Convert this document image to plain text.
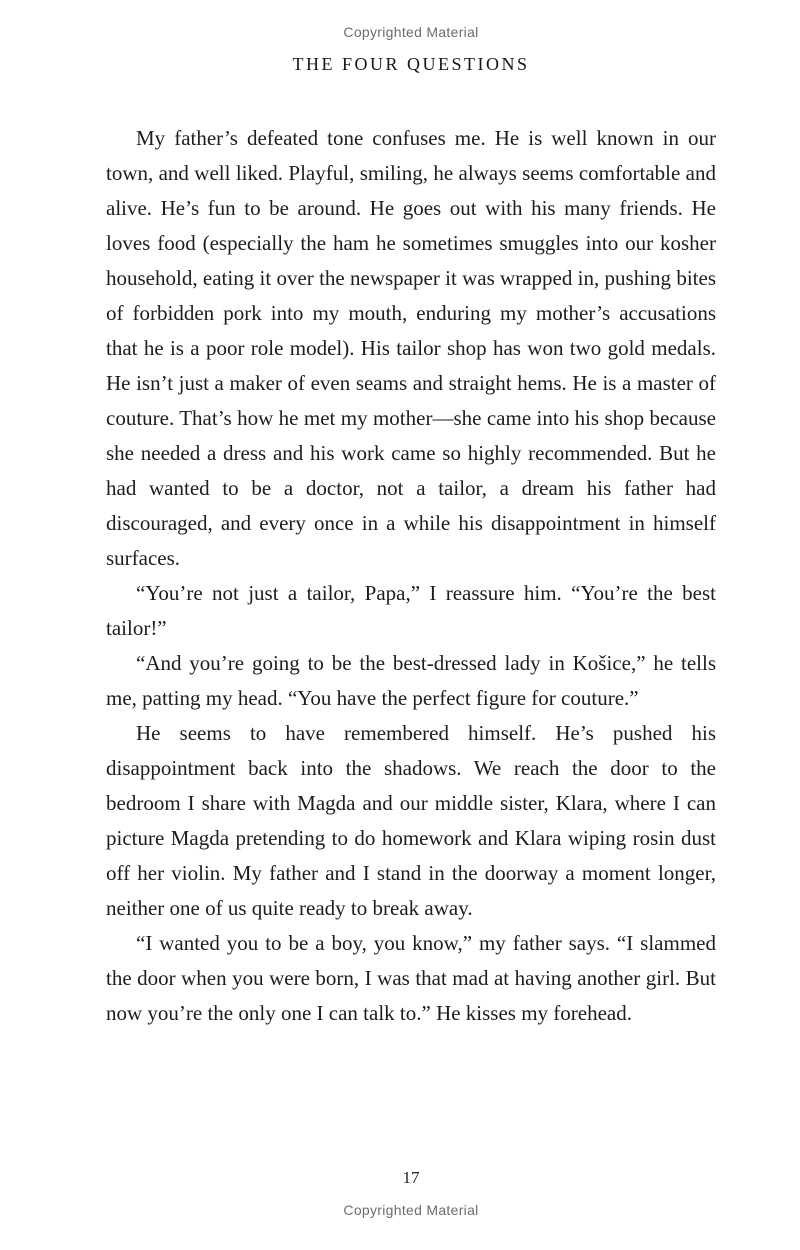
Copyrighted Material
THE FOUR QUESTIONS

My father’s defeated tone confuses me. He is well known in our town, and well liked. Playful, smiling, he always seems comfortable and alive. He’s fun to be around. He goes out with his many friends. He loves food (especially the ham he sometimes smuggles into our kosher household, eating it over the newspaper it was wrapped in, pushing bites of forbidden pork into my mouth, enduring my mother’s accusations that he is a poor role model). His tailor shop has won two gold medals. He isn’t just a maker of even seams and straight hems. He is a master of couture. That’s how he met my mother—she came into his shop because she needed a dress and his work came so highly recommended. But he had wanted to be a doctor, not a tailor, a dream his father had discouraged, and every once in a while his disappointment in himself surfaces.

“You’re not just a tailor, Papa,” I reassure him. “You’re the best tailor!”

“And you’re going to be the best-dressed lady in Košice,” he tells me, patting my head. “You have the perfect figure for couture.”

He seems to have remembered himself. He’s pushed his disappointment back into the shadows. We reach the door to the bedroom I share with Magda and our middle sister, Klara, where I can picture Magda pretending to do homework and Klara wiping rosin dust off her violin. My father and I stand in the doorway a moment longer, neither one of us quite ready to break away.

“I wanted you to be a boy, you know,” my father says. “I slammed the door when you were born, I was that mad at having another girl. But now you’re the only one I can talk to.” He kisses my forehead.

17
Copyrighted Material
